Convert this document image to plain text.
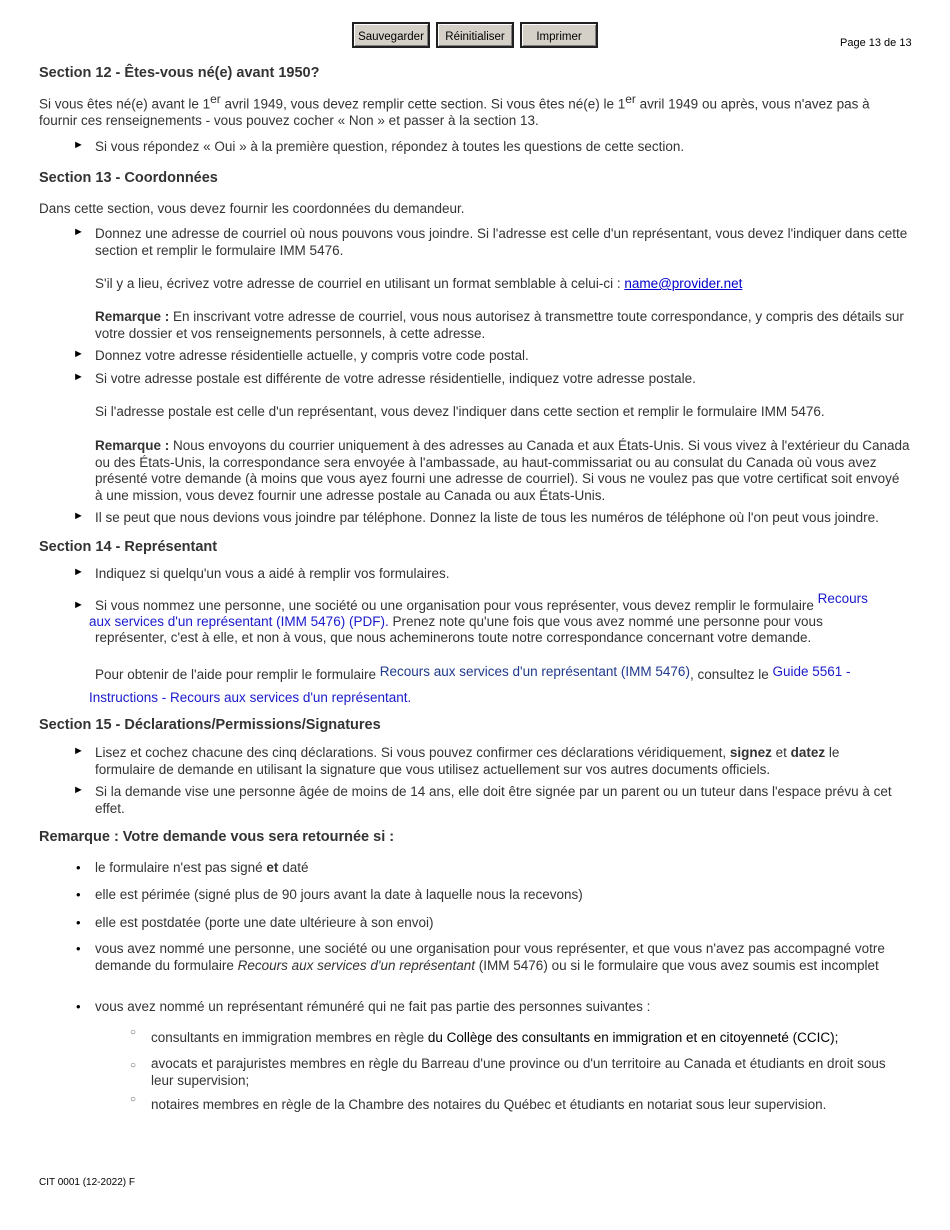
Sauvegarder	Réinitialiser	Imprimer	Page 13 de 13
Section 12 - Êtes-vous né(e) avant 1950?
Si vous êtes né(e) avant le 1er avril 1949, vous devez remplir cette section. Si vous êtes né(e) le 1er avril 1949 ou après, vous n'avez pas à
fournir ces renseignements - vous pouvez cocher « Non » et passer à la section 13.
► Si vous répondez « Oui » à la première question, répondez à toutes les questions de cette section.
Section 13 - Coordonnées
Dans cette section, vous devez fournir les coordonnées du demandeur.
► Donnez une adresse de courriel où nous pouvons vous joindre. Si l'adresse est celle d'un représentant, vous devez l'indiquer dans cette section et remplir le formulaire IMM 5476.
S'il y a lieu, écrivez votre adresse de courriel en utilisant un format semblable à celui-ci : name@provider.net
Remarque : En inscrivant votre adresse de courriel, vous nous autorisez à transmettre toute correspondance, y compris des détails sur votre dossier et vos renseignements personnels, à cette adresse.
► Donnez votre adresse résidentielle actuelle, y compris votre code postal.
► Si votre adresse postale est différente de votre adresse résidentielle, indiquez votre adresse postale.
Si l'adresse postale est celle d'un représentant, vous devez l'indiquer dans cette section et remplir le formulaire IMM 5476.
Remarque : Nous envoyons du courrier uniquement à des adresses au Canada et aux États-Unis. Si vous vivez à l'extérieur du Canada ou des États-Unis, la correspondance sera envoyée à l'ambassade, au haut-commissariat ou au consulat du Canada où vous avez présenté votre demande (à moins que vous ayez fourni une adresse de courriel). Si vous ne voulez pas que votre certificat soit envoyé à une mission, vous devez fournir une adresse postale au Canada ou aux États-Unis.
► Il se peut que nous devions vous joindre par téléphone. Donnez la liste de tous les numéros de téléphone où l'on peut vous joindre.
Section 14 - Représentant
► Indiquez si quelqu'un vous a aidé à remplir vos formulaires.
► Si vous nommez une personne, une société ou une organisation pour vous représenter, vous devez remplir le formulaire Recours
aux services d'un représentant (IMM 5476) (PDF). Prenez note qu'une fois que vous avez nommé une personne pour vous
représenter, c'est à elle, et non à vous, que nous acheminerons toute notre correspondance concernant votre demande.
Pour obtenir de l'aide pour remplir le formulaire Recours aux services d'un représentant (IMM 5476), consultez le Guide 5561 -
Instructions - Recours aux services d'un représentant.
Section 15 - Déclarations/Permissions/Signatures
► Lisez et cochez chacune des cinq déclarations. Si vous pouvez confirmer ces déclarations véridiquement, signez et datez le
formulaire de demande en utilisant la signature que vous utilisez actuellement sur vos autres documents officiels.
► Si la demande vise une personne âgée de moins de 14 ans, elle doit être signée par un parent ou un tuteur dans l'espace prévu à cet effet.
Remarque : Votre demande vous sera retournée si :
• le formulaire n'est pas signé et daté
• elle est périmée (signé plus de 90 jours avant la date à laquelle nous la recevons)
• elle est postdatée (porte une date ultérieure à son envoi)
• vous avez nommé une personne, une société ou une organisation pour vous représenter, et que vous n'avez pas accompagné votre demande du formulaire Recours aux services d'un représentant (IMM 5476) ou si le formulaire que vous avez soumis est incomplet
• vous avez nommé un représentant rémunéré qui ne fait pas partie des personnes suivantes :
○ consultants en immigration membres en règle du Collège des consultants en immigration et en citoyenneté (CCIC);
○ avocats et parajuristes membres en règle du Barreau d'une province ou d'un territoire au Canada et étudiants en droit sous leur supervision;
○ notaires membres en règle de la Chambre des notaires du Québec et étudiants en notariat sous leur supervision.
CIT 0001 (12-2022) F
